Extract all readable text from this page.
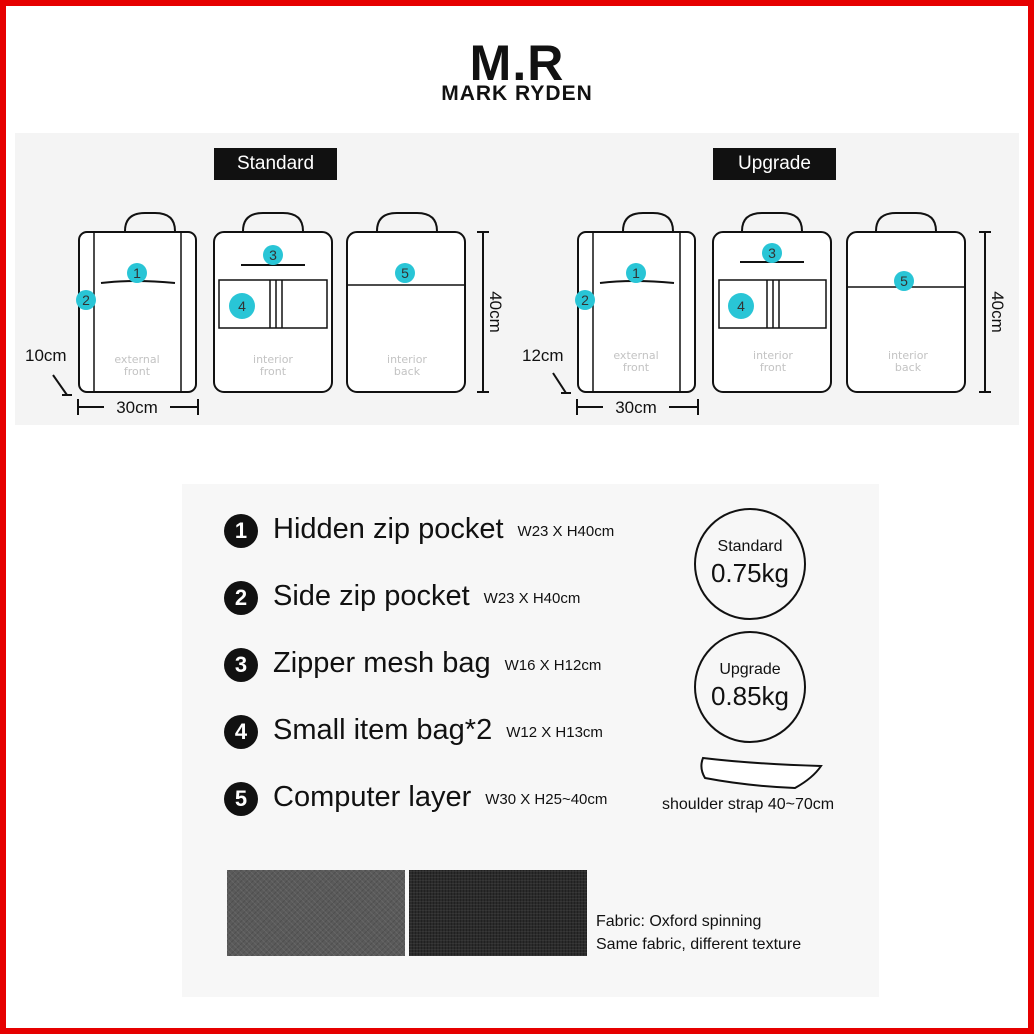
M.R
MARK RYDEN
Standard	Upgrade
1
2
external
front
3
4
interior
front
5
interior
back
40cm
30cm
10cm
1
2
external
front
3
4
interior
front
5
interior
back
40cm
30cm
12cm
1 Hidden zip pocket W23 X H40cm
2 Side zip pocket W23 X H40cm
3 Zipper mesh bag W16 X H12cm
4 Small item bag*2 W12 X H13cm
5 Computer layer W30 X H25~40cm
Standard
0.75kg
Upgrade
0.85kg
shoulder strap 40~70cm
Fabric: Oxford spinning
Same fabric, different texture
